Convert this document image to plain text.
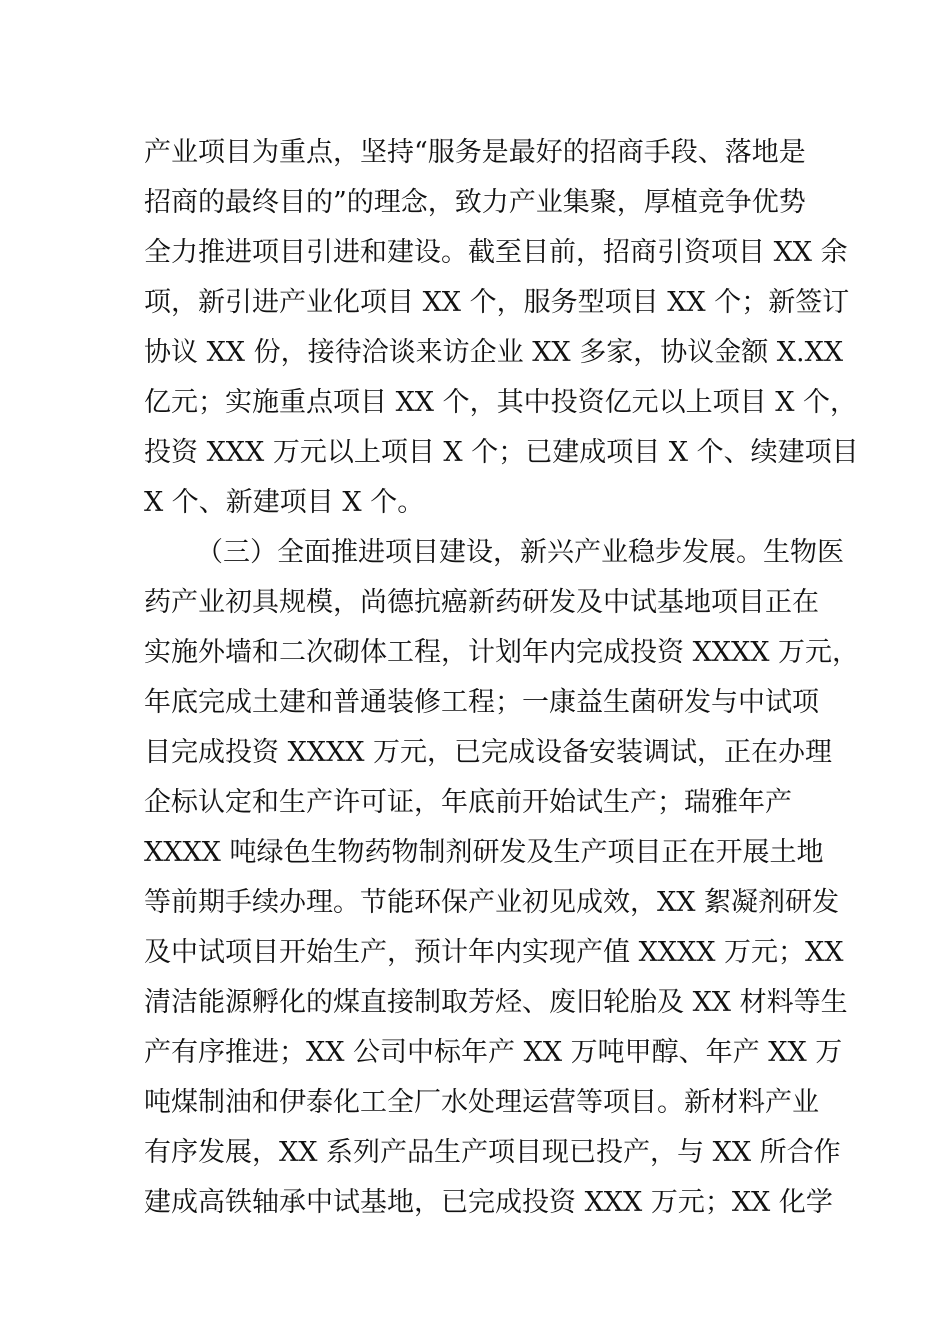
产业项目为重点，坚持“服务是最好的招商手段、落地是
招商的最终目的”的理念，致力产业集聚，厚植竞争优势
全力推进项目引进和建设。截至目前，招商引资项目 XX 余
项，新引进产业化项目 XX 个，服务型项目 XX 个；新签订
协议 XX 份，接待洽谈来访企业 XX 多家，协议金额 X.XX
亿元；实施重点项目 XX 个，其中投资亿元以上项目 X 个，
投资 XXX 万元以上项目 X 个；已建成项目 X 个、续建项目
X 个、新建项目 X 个。
（三）全面推进项目建设，新兴产业稳步发展。生物医
药产业初具规模，尚德抗癌新药研发及中试基地项目正在
实施外墙和二次砌体工程，计划年内完成投资 XXXX 万元，
年底完成土建和普通装修工程；一康益生菌研发与中试项
目完成投资 XXXX 万元，已完成设备安装调试，正在办理
企标认定和生产许可证，年底前开始试生产；瑞雅年产
XXXX 吨绿色生物药物制剂研发及生产项目正在开展土地
等前期手续办理。节能环保产业初见成效，XX 絮凝剂研发
及中试项目开始生产，预计年内实现产值 XXXX 万元；XX
清洁能源孵化的煤直接制取芳烃、废旧轮胎及 XX 材料等生
产有序推进；XX 公司中标年产 XX 万吨甲醇、年产 XX 万
吨煤制油和伊泰化工全厂水处理运营等项目。新材料产业
有序发展，XX 系列产品生产项目现已投产，与 XX 所合作
建成高铁轴承中试基地，已完成投资 XXX 万元；XX 化学
